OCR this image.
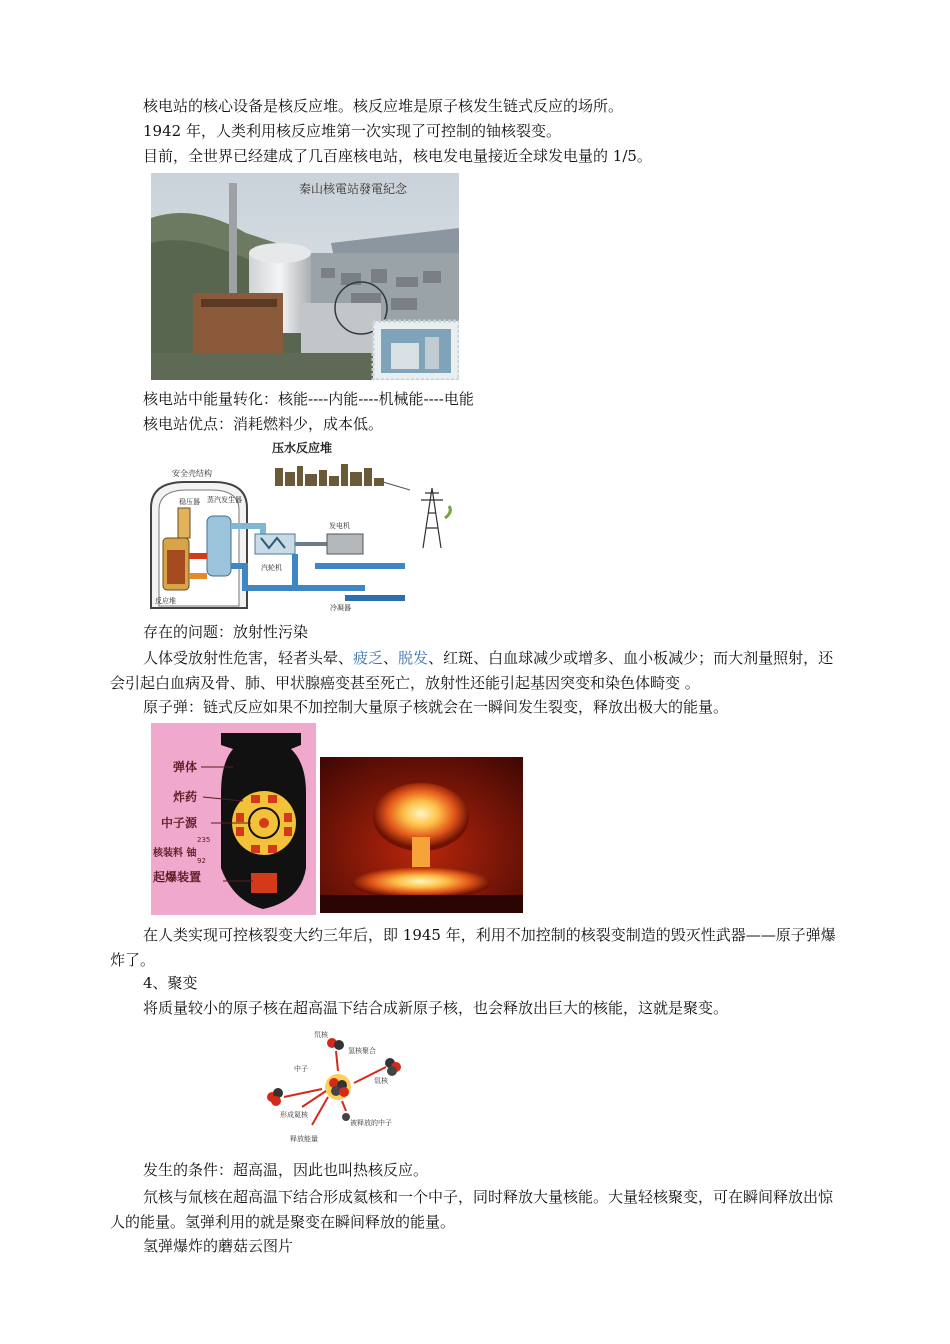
核电站的核心设备是核反应堆。核反应堆是原子核发生链式反应的场所。
1942 年，人类利用核反应堆第一次实现了可控制的铀核裂变。
目前，全世界已经建成了几百座核电站，核电发电量接近全球发电量的 1/5。
秦山核電站發電紀念
核电站中能量转化：核能----内能----机械能----电能
核电站优点：消耗燃料少，成本低。
压水反应堆
安全壳结构
稳压器 蒸汽发生器
反应堆
汽轮机
发电机
冷凝器
存在的问题：放射性污染
人体受放射性危害，轻者头晕、疲乏、脱发、红斑、白血球减少或增多、血小板减少；而大剂量照射，还会引起白血病及骨、肺、甲状腺癌变甚至死亡，放射性还能引起基因突变和染色体畸变 。
原子弹：链式反应如果不加控制大量原子核就会在一瞬间发生裂变，释放出极大的能量。
弹体
炸药
中子源
核装料 铀
起爆装置
235
92
在人类实现可控核裂变大约三年后，即 1945 年，利用不加控制的核裂变制造的毁灭性武器——原子弹爆炸了。
4、聚变
将质量较小的原子核在超高温下结合成新原子核，也会释放出巨大的核能，这就是聚变。
氘核
氢核聚合
中子
氚核
形成氦核
被释放的中子
释放能量
发生的条件：超高温，因此也叫热核反应。
氘核与氚核在超高温下结合形成氦核和一个中子，同时释放大量核能。大量轻核聚变，可在瞬间释放出惊人的能量。氢弹利用的就是聚变在瞬间释放的能量。
氢弹爆炸的蘑菇云图片
